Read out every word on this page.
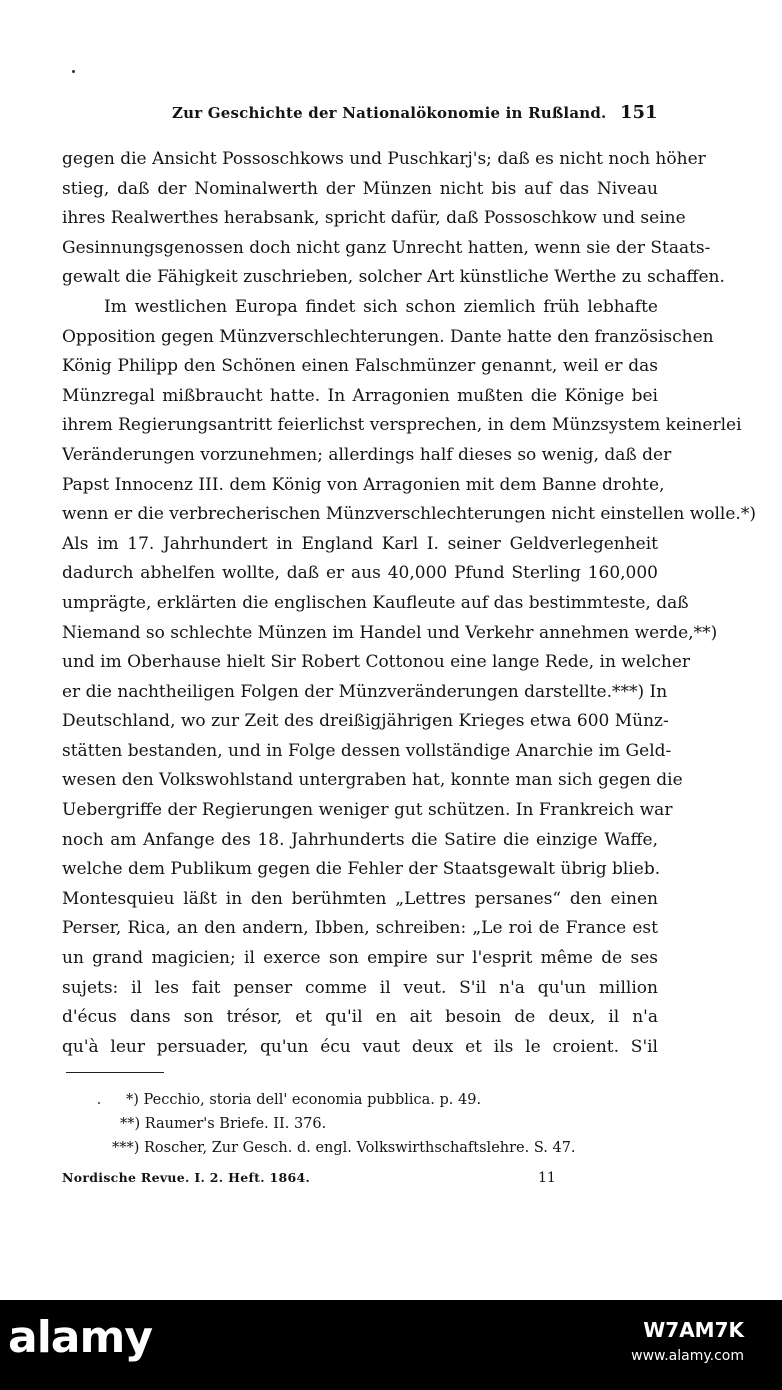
Zur Geschichte der Nationalökonomie in Rußland. 151
gegen die Ansicht Possoschkows und Puschkarj's; daß es nicht noch höher
stieg, daß der Nominalwerth der Münzen nicht bis auf das Niveau
ihres Realwerthes herabsank, spricht dafür, daß Possoschkow und seine
Gesinnungsgenossen doch nicht ganz Unrecht hatten, wenn sie der Staats-
gewalt die Fähigkeit zuschrieben, solcher Art künstliche Werthe zu schaffen.
Im westlichen Europa findet sich schon ziemlich früh lebhafte
Opposition gegen Münzverschlechterungen. Dante hatte den französischen
König Philipp den Schönen einen Falschmünzer genannt, weil er das
Münzregal mißbraucht hatte. In Arragonien mußten die Könige bei
ihrem Regierungsantritt feierlichst versprechen, in dem Münzsystem keinerlei
Veränderungen vorzunehmen; allerdings half dieses so wenig, daß der
Papst Innocenz III. dem König von Arragonien mit dem Banne drohte,
wenn er die verbrecherischen Münzverschlechterungen nicht einstellen wolle.*)
Als im 17. Jahrhundert in England Karl I. seiner Geldverlegenheit
dadurch abhelfen wollte, daß er aus 40,000 Pfund Sterling 160,000
umprägte, erklärten die englischen Kaufleute auf das bestimmteste, daß
Niemand so schlechte Münzen im Handel und Verkehr annehmen werde,**)
und im Oberhause hielt Sir Robert Cottonou eine lange Rede, in welcher
er die nachtheiligen Folgen der Münzveränderungen darstellte.***) In
Deutschland, wo zur Zeit des dreißigjährigen Krieges etwa 600 Münz-
stätten bestanden, und in Folge dessen vollständige Anarchie im Geld-
wesen den Volkswohlstand untergraben hat, konnte man sich gegen die
Uebergriffe der Regierungen weniger gut schützen. In Frankreich war
noch am Anfange des 18. Jahrhunderts die Satire die einzige Waffe,
welche dem Publikum gegen die Fehler der Staatsgewalt übrig blieb.
Montesquieu läßt in den berühmten „Lettres persanes“ den einen
Perser, Rica, an den andern, Ibben, schreiben: „Le roi de France est
un grand magicien; il exerce son empire sur l'esprit même de ses
sujets: il les fait penser comme il veut. S'il n'a qu'un million
d'écus dans son trésor, et qu'il en ait besoin de deux, il n'a
qu'à leur persuader, qu'un écu vaut deux et ils le croient. S'il
*) Pecchio, storia dell' economia pubblica. p. 49.
**) Raumer's Briefe. II. 376.
***) Roscher, Zur Gesch. d. engl. Volkswirthschaftslehre. S. 47.
Nordische Revue. I. 2. Heft. 1864.	11
alamy	W7AM7K
www.alamy.com
